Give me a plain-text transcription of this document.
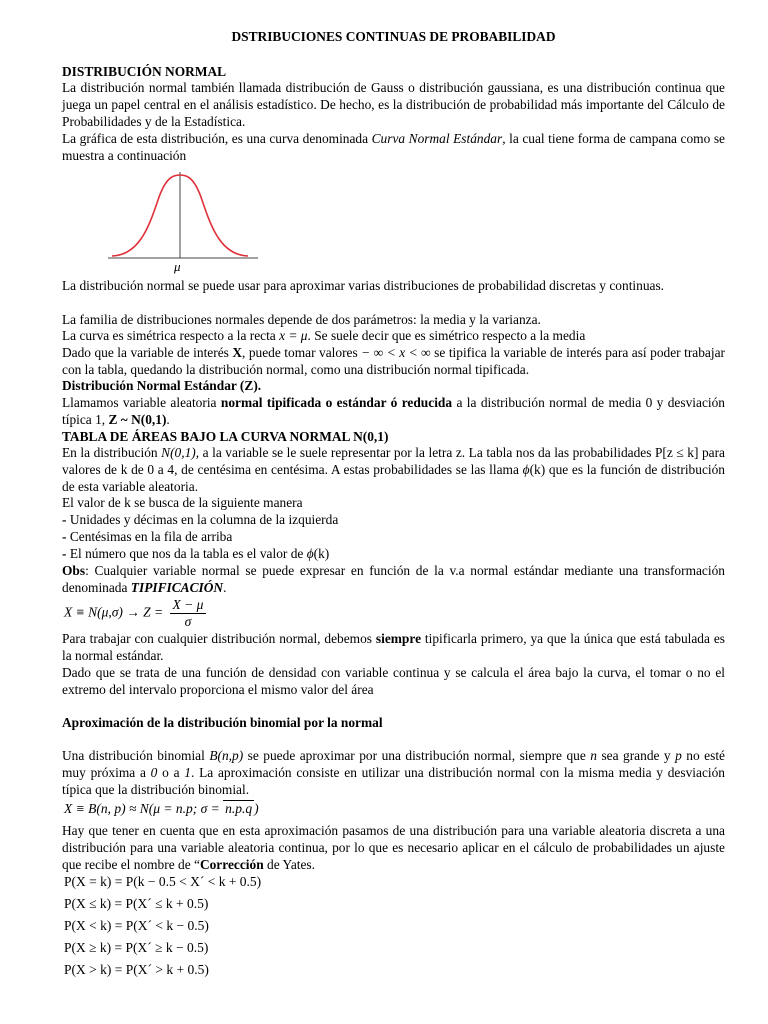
DSTRIBUCIONES CONTINUAS DE PROBABILIDAD

DISTRIBUCIÓN NORMAL

La distribución normal también llamada distribución de Gauss o distribución gaussiana, es una distribución continua que juega un papel central en el análisis estadístico. De hecho, es la distribución de probabilidad más importante del Cálculo de Probabilidades y de la Estadística.

La gráfica de esta distribución, es una curva denominada Curva Normal Estándar, la cual tiene forma de campana como se muestra a continuación

μ

La distribución normal se puede usar para aproximar varias distribuciones de probabilidad discretas y continuas.

La familia de distribuciones normales depende de dos parámetros: la media y la varianza.

La curva es simétrica respecto a la recta x = μ. Se suele decir que es simétrico respecto a la media

Dado que la variable de interés X, puede tomar valores − ∞ < x < ∞ se tipifica la variable de interés para así poder trabajar con la tabla, quedando la distribución normal, como una distribución normal tipificada.

Distribución Normal Estándar (Z).

Llamamos variable aleatoria normal tipificada o estándar ó reducida a la distribución normal de media 0 y desviación típica 1, Z ~ N(0,1).

TABLA DE ÁREAS BAJO LA CURVA NORMAL N(0,1)

En la distribución N(0,1), a la variable se le suele representar por la letra z. La tabla nos da las probabilidades P[z ≤ k] para valores de k de 0 a 4, de centésima en centésima. A estas probabilidades se las llama ϕ(k) que es la función de distribución de esta variable aleatoria.

El valor de k se busca de la siguiente manera

- Unidades y décimas en la columna de la izquierda

- Centésimas en la fila de arriba

- El número que nos da la tabla es el valor de ϕ(k)

Obs: Cualquier variable normal se puede expresar en función de la v.a normal estándar mediante una transformación denominada TIPIFICACIÓN.

$X \equiv N(\mu,\sigma) \to Z = \frac{X - \mu}{\sigma}$

Para trabajar con cualquier distribución normal, debemos siempre tipificarla primero, ya que la única que está tabulada es la normal estándar.

Dado que se trata de una función de densidad con variable continua y se calcula el área bajo la curva, el tomar o no el extremo del intervalo proporciona el mismo valor del área

Aproximación de la distribución binomial por la normal

Una distribución binomial B(n,p) se puede aproximar por una distribución normal, siempre que n sea grande y p no esté muy próxima a 0 o a 1. La aproximación consiste en utilizar una distribución normal con la misma media y desviación típica que la distribución binomial.

X ≡ B(n, p) ≈ N(μ = n.p; σ = n.p.q )

Hay que tener en cuenta que en esta aproximación pasamos de una distribución para una variable aleatoria discreta a una distribución para una variable aleatoria continua, por lo que es necesario aplicar en el cálculo de probabilidades un ajuste que recibe el nombre de “Corrección de Yates.

P(X = k) = P(k − 0.5 < X´ < k + 0.5)
P(X ≤ k) = P(X´ ≤ k + 0.5)
P(X < k) = P(X´ < k − 0.5)
P(X ≥ k) = P(X´ ≥ k − 0.5)
P(X > k) = P(X´ > k + 0.5)
